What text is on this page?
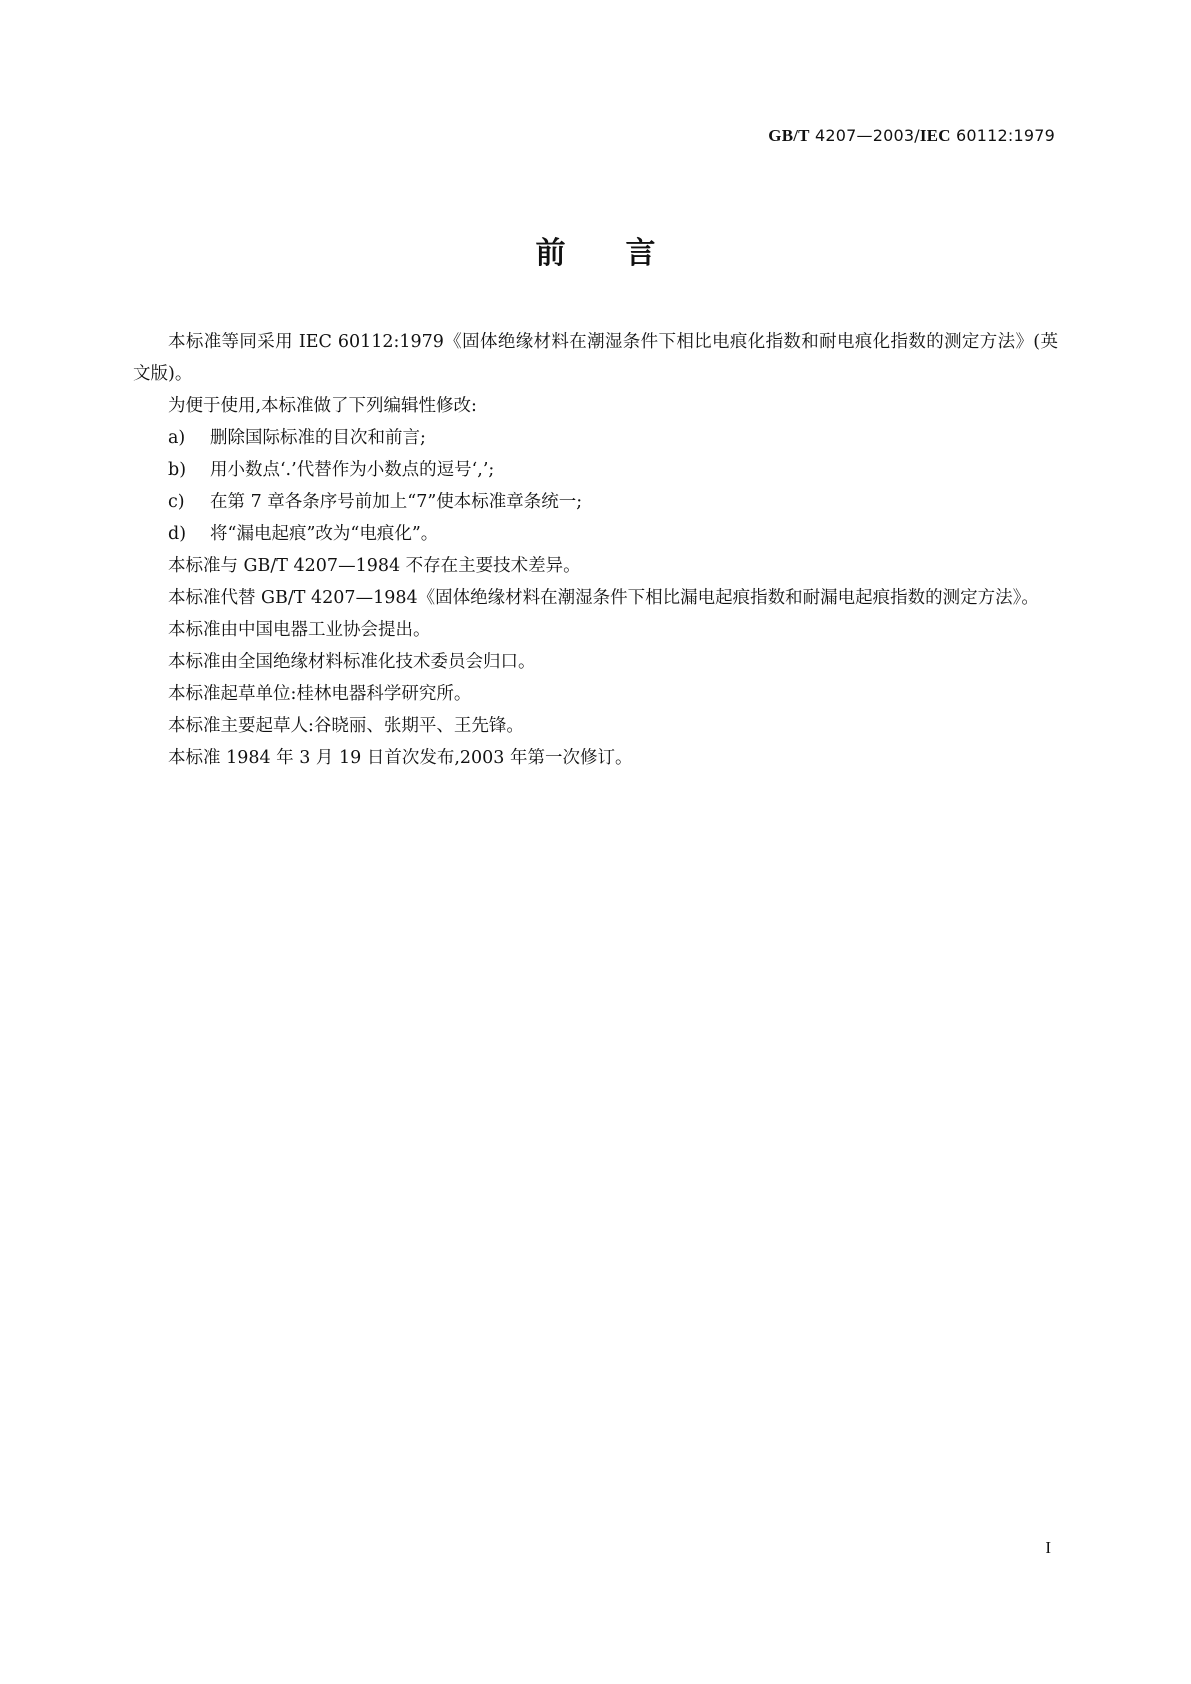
GB/T 4207—2003/IEC 60112:1979
前言

本标准等同采用 IEC 60112:1979《固体绝缘材料在潮湿条件下相比电痕化指数和耐电痕化指数的测定方法》(英文版)。

为便于使用,本标准做了下列编辑性修改:

a) 删除国际标准的目次和前言;

b) 用小数点‘.’代替作为小数点的逗号‘,’;

c) 在第 7 章各条序号前加上“7”使本标准章条统一;

d) 将“漏电起痕”改为“电痕化”。

本标准与 GB/T 4207—1984 不存在主要技术差异。

本标准代替 GB/T 4207—1984《固体绝缘材料在潮湿条件下相比漏电起痕指数和耐漏电起痕指数的测定方法》。

本标准由中国电器工业协会提出。

本标准由全国绝缘材料标准化技术委员会归口。

本标准起草单位:桂林电器科学研究所。

本标准主要起草人:谷晓丽、张期平、王先锋。

本标准 1984 年 3 月 19 日首次发布,2003 年第一次修订。

I
